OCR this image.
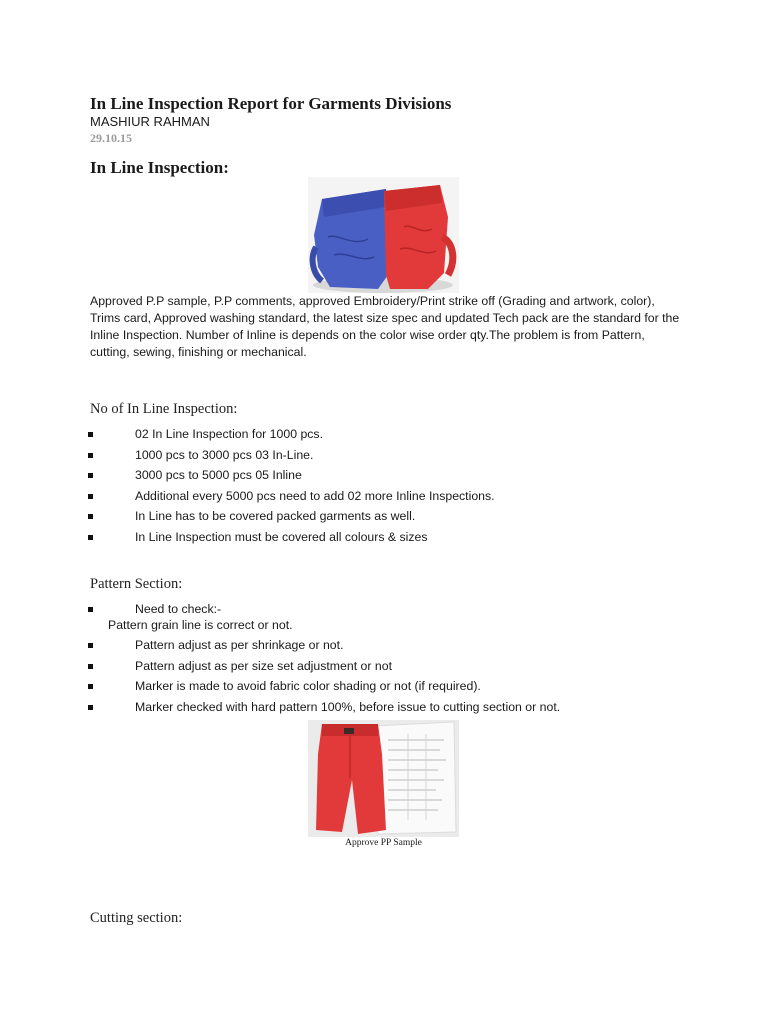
In Line Inspection Report for Garments Divisions
MASHIUR RAHMAN
29.10.15
In Line Inspection:

Approved P.P sample, P.P comments, approved Embroidery/Print strike off (Grading and artwork, color), Trims card, Approved washing standard, the latest size spec and updated Tech pack are the standard for the Inline Inspection. Number of Inline is depends on the color wise order qty.The problem is from Pattern, cutting, sewing, finishing or mechanical.

No of In Line Inspection:
02 In Line Inspection for 1000 pcs.
1000 pcs to 3000 pcs 03 In-Line.
3000 pcs to 5000 pcs 05 Inline
Additional every 5000 pcs need to add 02 more Inline Inspections.
In Line has to be covered packed garments as well.
In Line Inspection must be covered all colours & sizes
Pattern Section:
Need to check:-
Pattern grain line is correct or not.
Pattern adjust as per shrinkage or not.
Pattern adjust as per size set adjustment or not
Marker is made to avoid fabric color shading or not (if required).
Marker checked with hard pattern 100%, before issue to cutting section or not.
Approve PP Sample
Cutting section:
